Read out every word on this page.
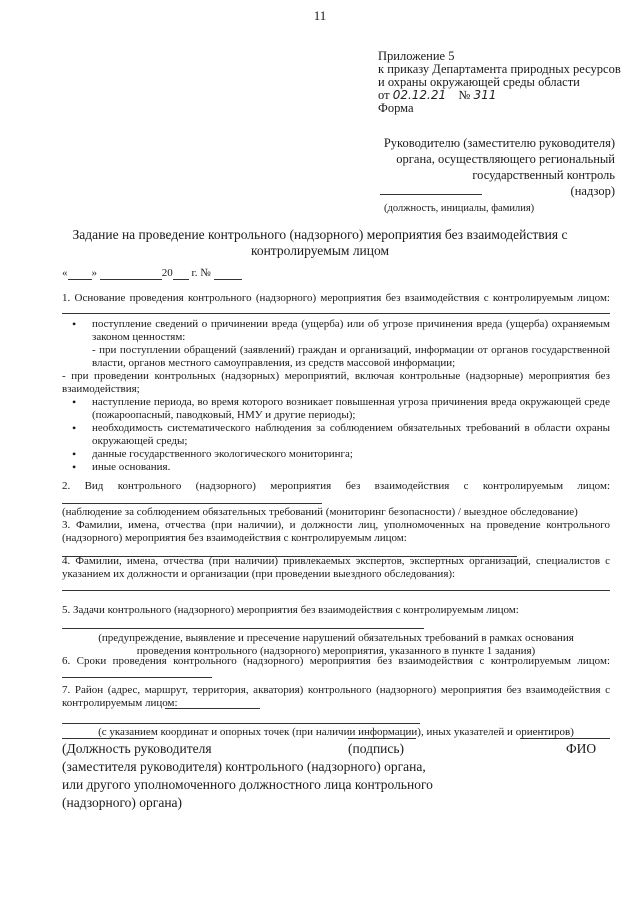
11
Приложение 5
к приказу Департамента природных ресурсов
и охраны окружающей среды области
от 02.12.21 № 311
Форма
Руководителю (заместителю руководителя)
органа, осуществляющего региональный
государственный контроль
(надзор)
(должность, инициалы, фамилия)
Задание на проведение контрольного (надзорного) мероприятия без взаимодействия с
контролируемым лицом
« »	20 г. №
1. Основание проведения контрольного (надзорного) мероприятия без взаимодействия с контролируемым лицом:
• поступление сведений о причинении вреда (ущерба) или об угрозе причинения вреда (ущерба) охраняемым законом ценностям:
- при поступлении обращений (заявлений) граждан и организаций, информации от органов государственной власти, органов местного самоуправления, из средств массовой информации;
- при проведении контрольных (надзорных) мероприятий, включая контрольные (надзорные) мероприятия без взаимодействия;
• наступление периода, во время которого возникает повышенная угроза причинения вреда окружающей среде (пожароопасный, паводковый, НМУ и другие периоды);
• необходимость систематического наблюдения за соблюдением обязательных требований в области охраны окружающей среды;
• данные государственного экологического мониторинга;
• иные основания.
2. Вид контрольного (надзорного) мероприятия без взаимодействия с контролируемым лицом:
(наблюдение за соблюдением обязательных требований (мониторинг безопасности) / выездное обследование)
3. Фамилии, имена, отчества (при наличии), и должности лиц, уполномоченных на проведение контрольного (надзорного) мероприятия без взаимодействия с контролируемым лицом:
4. Фамилии, имена, отчества (при наличии) привлекаемых экспертов, экспертных организаций, специалистов с указанием их должности и организации (при проведении выездного обследования):
5. Задачи контрольного (надзорного) мероприятия без взаимодействия с контролируемым лицом:
(предупреждение, выявление и пресечение нарушений обязательных требований в рамках основания проведения контрольного (надзорного) мероприятия, указанного в пункте 1 задания)
6. Сроки проведения контрольного (надзорного) мероприятия без взаимодействия с контролируемым лицом:
7. Район (адрес, маршрут, территория, акватория) контрольного (надзорного) мероприятия без взаимодействия с контролируемым лицом:
(с указанием координат и опорных точек (при наличии информации), иных указателей и ориентиров)
(Должность руководителя
(заместителя руководителя) контрольного (надзорного) органа,
или другого уполномоченного должностного лица контрольного
(надзорного) органа)
(подпись)	ФИО
